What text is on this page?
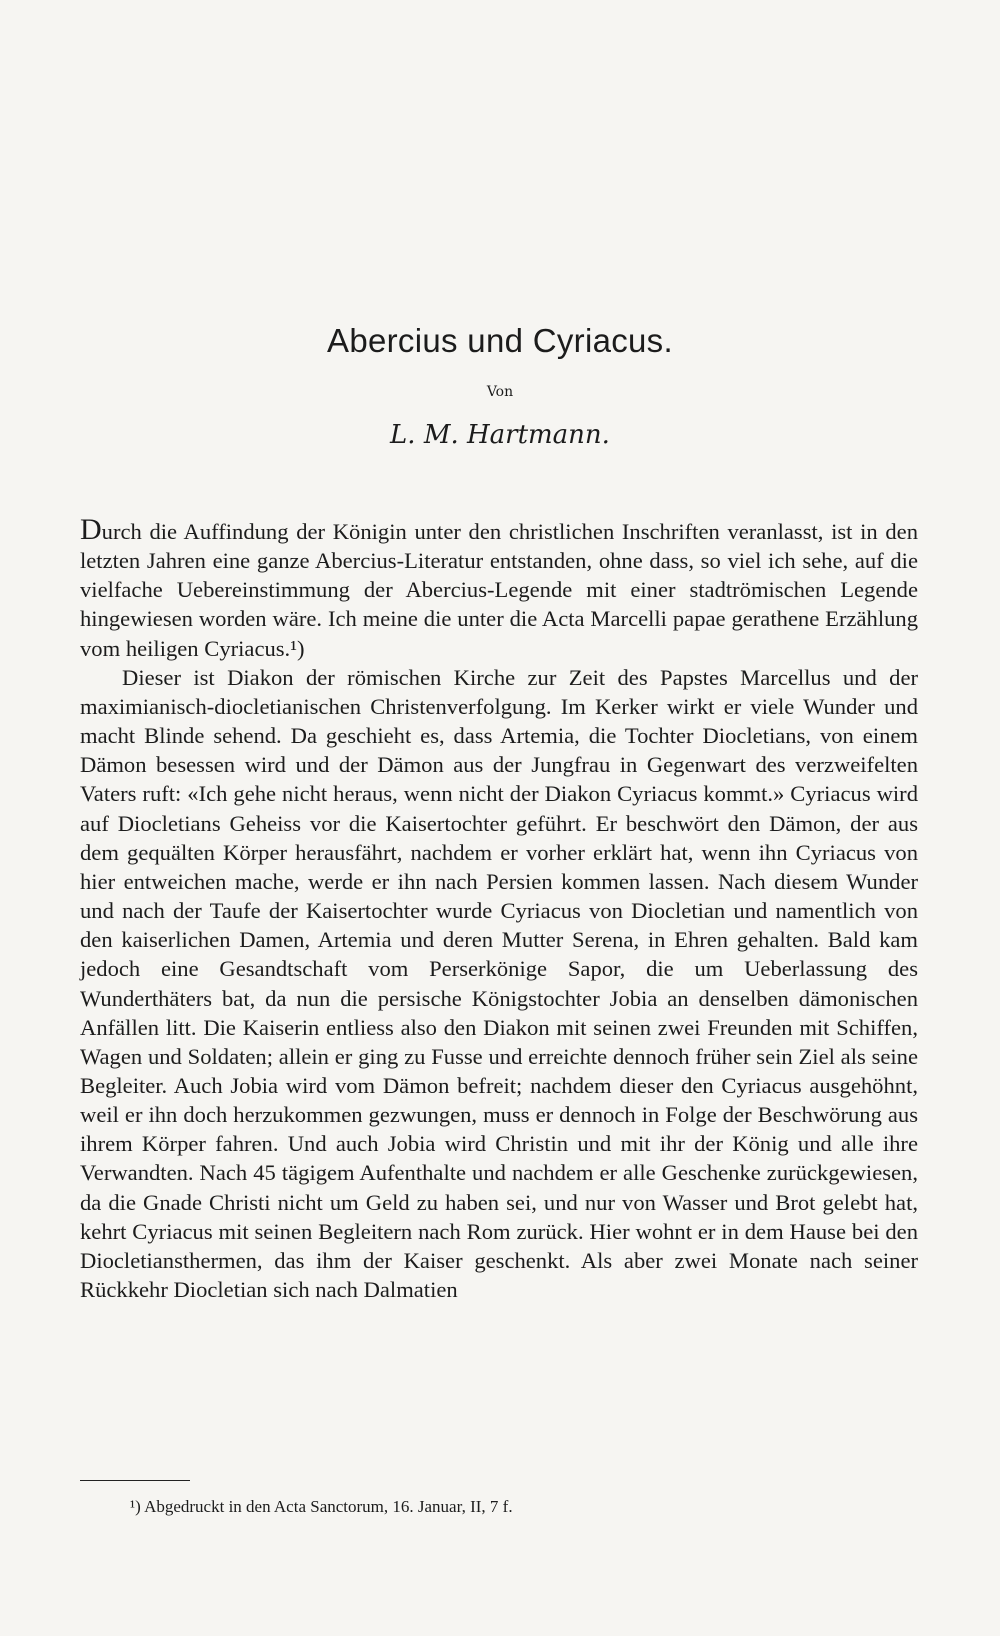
Abercius und Cyriacus.

Von

L. M. Hartmann.

Durch die Auffindung der Königin unter den christlichen Inschriften veranlasst, ist in den letzten Jahren eine ganze Abercius-Literatur entstanden, ohne dass, so viel ich sehe, auf die vielfache Uebereinstimmung der Abercius-Legende mit einer stadtrömischen Legende hingewiesen worden wäre. Ich meine die unter die Acta Marcelli papae gerathene Erzählung vom heiligen Cyriacus.¹)

Dieser ist Diakon der römischen Kirche zur Zeit des Papstes Marcellus und der maximianisch-diocletianischen Christenverfolgung. Im Kerker wirkt er viele Wunder und macht Blinde sehend. Da geschieht es, dass Artemia, die Tochter Diocletians, von einem Dämon besessen wird und der Dämon aus der Jungfrau in Gegenwart des verzweifelten Vaters ruft: «Ich gehe nicht heraus, wenn nicht der Diakon Cyriacus kommt.» Cyriacus wird auf Diocletians Geheiss vor die Kaisertochter geführt. Er beschwört den Dämon, der aus dem gequälten Körper herausfährt, nachdem er vorher erklärt hat, wenn ihn Cyriacus von hier entweichen mache, werde er ihn nach Persien kommen lassen. Nach diesem Wunder und nach der Taufe der Kaisertochter wurde Cyriacus von Diocletian und namentlich von den kaiserlichen Damen, Artemia und deren Mutter Serena, in Ehren gehalten. Bald kam jedoch eine Gesandtschaft vom Perserkönige Sapor, die um Ueberlassung des Wunderthäters bat, da nun die persische Königstochter Jobia an denselben dämonischen Anfällen litt. Die Kaiserin entliess also den Diakon mit seinen zwei Freunden mit Schiffen, Wagen und Soldaten; allein er ging zu Fusse und erreichte dennoch früher sein Ziel als seine Begleiter. Auch Jobia wird vom Dämon befreit; nachdem dieser den Cyriacus ausgehöhnt, weil er ihn doch herzukommen gezwungen, muss er dennoch in Folge der Beschwörung aus ihrem Körper fahren. Und auch Jobia wird Christin und mit ihr der König und alle ihre Verwandten. Nach 45 tägigem Aufenthalte und nachdem er alle Geschenke zurückgewiesen, da die Gnade Christi nicht um Geld zu haben sei, und nur von Wasser und Brot gelebt hat, kehrt Cyriacus mit seinen Begleitern nach Rom zurück. Hier wohnt er in dem Hause bei den Diocletiansthermen, das ihm der Kaiser geschenkt. Als aber zwei Monate nach seiner Rückkehr Diocletian sich nach Dalmatien

¹) Abgedruckt in den Acta Sanctorum, 16. Januar, II, 7 f.
